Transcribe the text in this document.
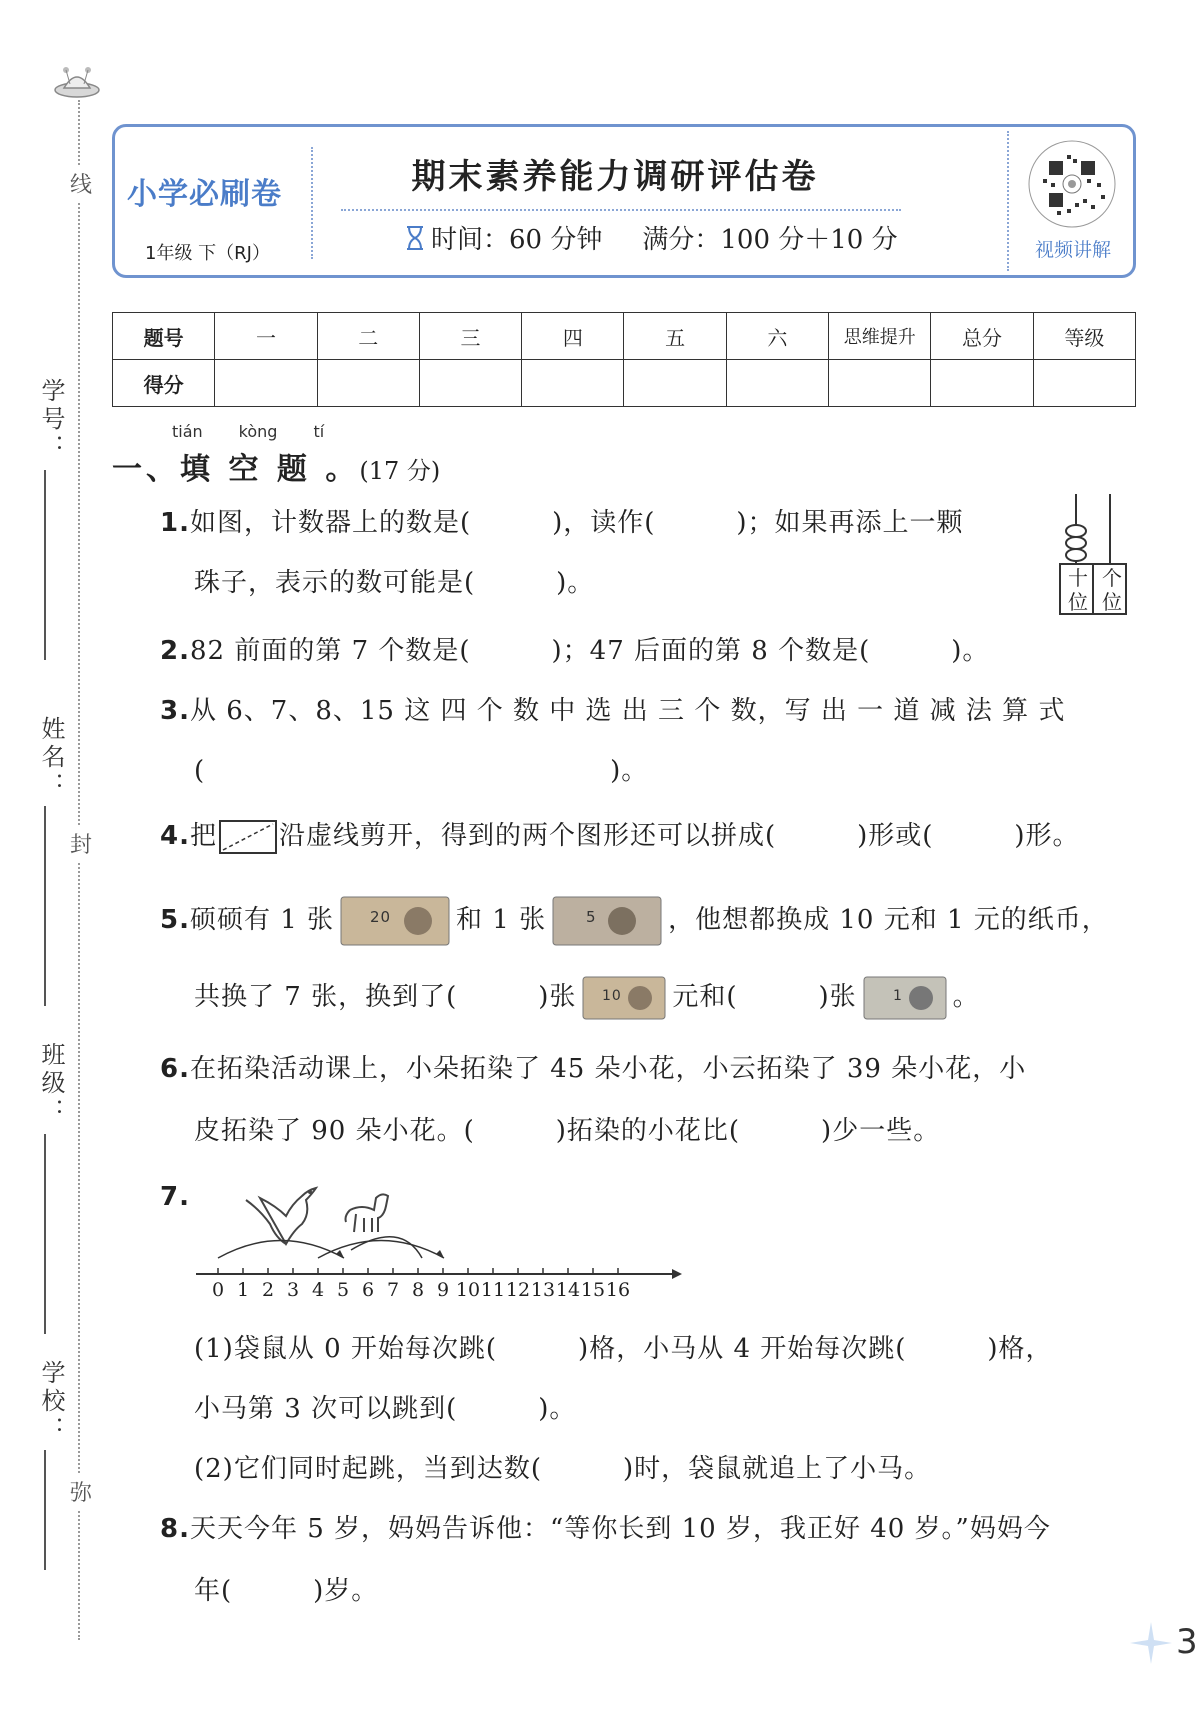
线
学号：
姓名：
封
班级：
学校：
弥
小学必刷卷
1年级 下（RJ）
期末素养能力调研评估卷
时间：60 分钟 满分：100 分＋10 分	视频讲解
题号	一	二	三	四	五	六	思维提升	总分	等级
得分									
tián kòng tí
一、填 空 题 。(17 分)
1.如图，计数器上的数是(　　　)，读作(　　　)；如果再添上一颗
珠子，表示的数可能是(　　　)。	十位
个位
2.82 前面的第 7 个数是(　　　)；47 后面的第 8 个数是(　　　)。
3.从 6、7、8、15 这 四 个 数 中 选 出 三 个 数，写 出 一 道 减 法 算 式
(　　　　　　　　　　　　　　　)。
4.把 沿虚线剪开，得到的两个图形还可以拼成(　　　)形或(　　　)形。
5.硕硕有 1 张 20 和 1 张	5	，他想都换成 10 元和 1 元的纸币，
共换了 7 张，换到了(　　　)张 10 元和(　　　)张	1 。
6.在拓染活动课上，小朵拓染了 45 朵小花，小云拓染了 39 朵小花，小
皮拓染了 90 朵小花。(　　　)拓染的小花比(　　　)少一些。
7.
0 1 2 3 4 5 6 7 8 9 10 11 12 13 14 15 16
(1)袋鼠从 0 开始每次跳(　　　)格，小马从 4 开始每次跳(　　　)格，
小马第 3 次可以跳到(　　　)。
(2)它们同时起跳，当到达数(　　　)时，袋鼠就追上了小马。
8.天天今年 5 岁，妈妈告诉他：“等你长到 10 岁，我正好 40 岁。”妈妈今
年(　　　)岁。
3
